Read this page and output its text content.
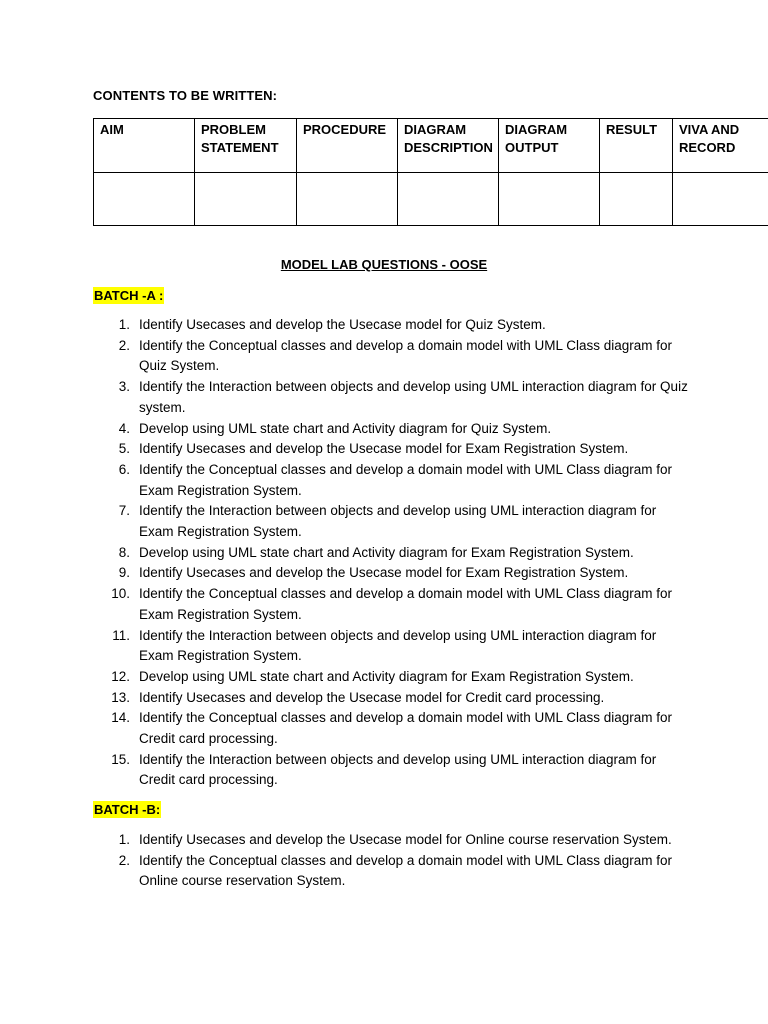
CONTENTS TO BE WRITTEN:
AIM	PROBLEM STATEMENT	PROCEDURE	DIAGRAM DESCRIPTION	DIAGRAM OUTPUT	RESULT	VIVA AND RECORD

MODEL LAB QUESTIONS - OOSE
BATCH -A :
1. Identify Usecases and develop the Usecase model for Quiz System.
2. Identify the Conceptual classes and develop a domain model with UML Class diagram for Quiz System.
3. Identify the Interaction between objects and develop using UML interaction diagram for Quiz system.
4. Develop using UML state chart and Activity diagram for Quiz System.
5. Identify Usecases and develop the Usecase model for Exam Registration System.
6. Identify the Conceptual classes and develop a domain model with UML Class diagram for Exam Registration System.
7. Identify the Interaction between objects and develop using UML interaction diagram for Exam Registration System.
8. Develop using UML state chart and Activity diagram for Exam Registration System.
9. Identify Usecases and develop the Usecase model for Exam Registration System.
10. Identify the Conceptual classes and develop a domain model with UML Class diagram for Exam Registration System.
11. Identify the Interaction between objects and develop using UML interaction diagram for Exam Registration System.
12. Develop using UML state chart and Activity diagram for Exam Registration System.
13. Identify Usecases and develop the Usecase model for Credit card processing.
14. Identify the Conceptual classes and develop a domain model with UML Class diagram for Credit card processing.
15. Identify the Interaction between objects and develop using UML interaction diagram for Credit card processing.
BATCH -B:
1. Identify Usecases and develop the Usecase model for Online course reservation System.
2. Identify the Conceptual classes and develop a domain model with UML Class diagram for Online course reservation System.
